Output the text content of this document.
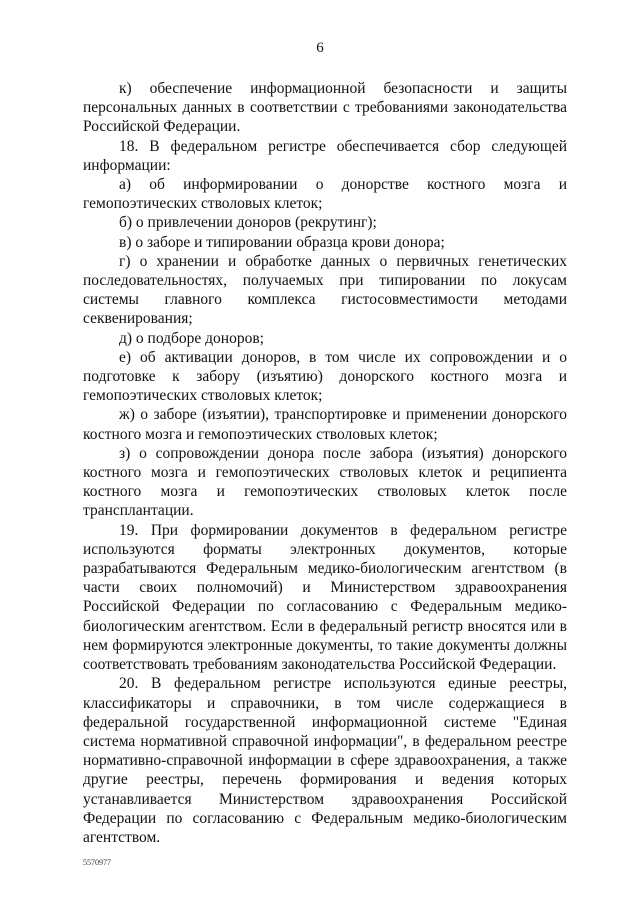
6

к) обеспечение информационной безопасности и защиты персональных данных в соответствии с требованиями законодательства Российской Федерации.

18. В федеральном регистре обеспечивается сбор следующей информации:

а) об информировании о донорстве костного мозга и гемопоэтических стволовых клеток;

б) о привлечении доноров (рекрутинг);

в) о заборе и типировании образца крови донора;

г) о хранении и обработке данных о первичных генетических последовательностях, получаемых при типировании по локусам системы главного комплекса гистосовместимости методами секвенирования;

д) о подборе доноров;

е) об активации доноров, в том числе их сопровождении и о подготовке к забору (изъятию) донорского костного мозга и гемопоэтических стволовых клеток;

ж) о заборе (изъятии), транспортировке и применении донорского костного мозга и гемопоэтических стволовых клеток;

з) о сопровождении донора после забора (изъятия) донорского костного мозга и гемопоэтических стволовых клеток и реципиента костного мозга и гемопоэтических стволовых клеток после трансплантации.

19. При формировании документов в федеральном регистре используются форматы электронных документов, которые разрабатываются Федеральным медико-биологическим агентством (в части своих полномочий) и Министерством здравоохранения Российской Федерации по согласованию с Федеральным медико-биологическим агентством. Если в федеральный регистр вносятся или в нем формируются электронные документы, то такие документы должны соответствовать требованиям законодательства Российской Федерации.

20. В федеральном регистре используются единые реестры, классификаторы и справочники, в том числе содержащиеся в федеральной государственной информационной системе "Единая система нормативной справочной информации", в федеральном реестре нормативно-справочной информации в сфере здравоохранения, а также другие реестры, перечень формирования и ведения которых устанавливается Министерством здравоохранения Российской Федерации по согласованию с Федеральным медико-биологическим агентством.

5570977
